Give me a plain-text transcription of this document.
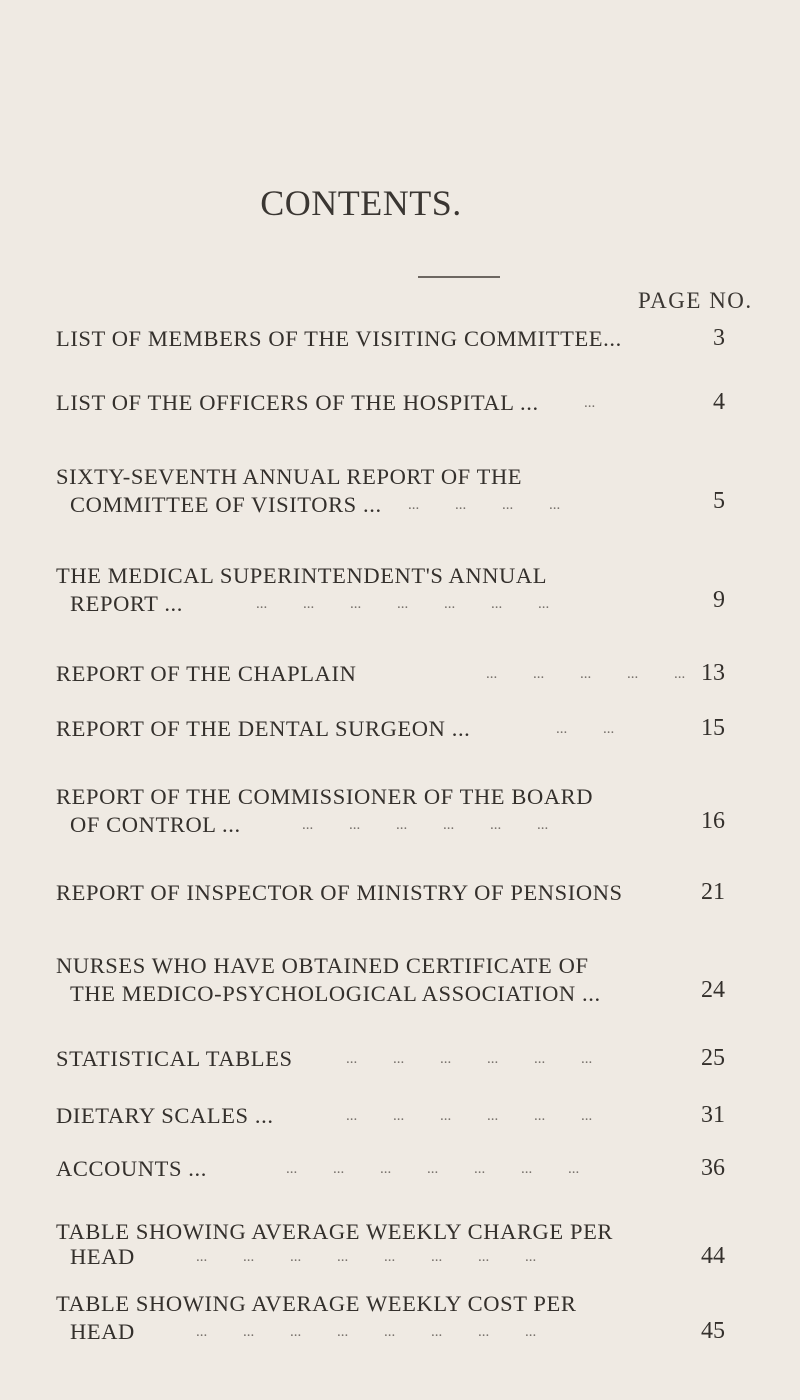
CONTENTS.
PAGE NO.
LIST OF MEMBERS OF THE VISITING COMMITTEE...	3
LIST OF THE OFFICERS OF THE HOSPITAL ...	...	4
SIXTY-SEVENTH ANNUAL REPORT OF THE
COMMITTEE OF VISITORS ... ... ... ... ...	5
THE MEDICAL SUPERINTENDENT'S ANNUAL
REPORT ...	... ... ... ... ... ... ...	9
REPORT OF THE CHAPLAIN	... ... ... ... ... 13
REPORT OF THE DENTAL SURGEON ...	... ...	15
REPORT OF THE COMMISSIONER OF THE BOARD
OF CONTROL ...	... ... ... ... ... ...	16
REPORT OF INSPECTOR OF MINISTRY OF PENSIONS	21
NURSES WHO HAVE OBTAINED CERTIFICATE OF
THE MEDICO-PSYCHOLOGICAL ASSOCIATION ...	24
STATISTICAL TABLES	... ... ... ... ... ...	25
DIETARY SCALES ...	... ... ... ... ... ...	31
ACCOUNTS ...	... ... ... ... ... ... ...	36
TABLE SHOWING AVERAGE WEEKLY CHARGE PER
HEAD	... ... ... ... ... ... ... ...	44
TABLE SHOWING AVERAGE WEEKLY COST PER
HEAD	... ... ... ... ... ... ... ...	45
